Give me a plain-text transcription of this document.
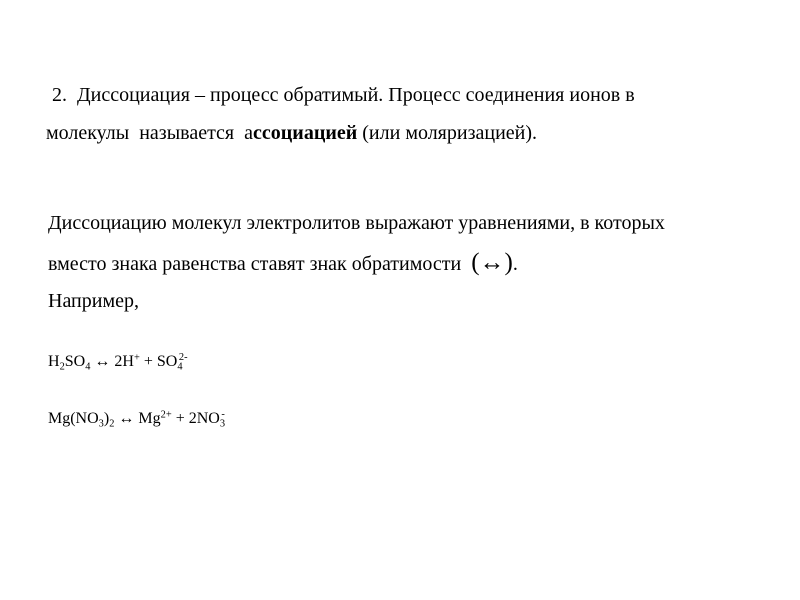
2. Диссоциация – процесс обратимый. Процесс соединения ионов в
молекулы  называется  ассоциацией (или моляризацией).
Диссоциацию молекул электролитов выражают уравнениями, в которых
вместо знака равенства ставят знак обратимости  (↔).
Например,
$H_2SO_4$ ↔ $2H^+ + SO_4^{2-}$
$Mg(NO_3)_2$ ↔ $Mg^{2+} + 2NO_3^-$
